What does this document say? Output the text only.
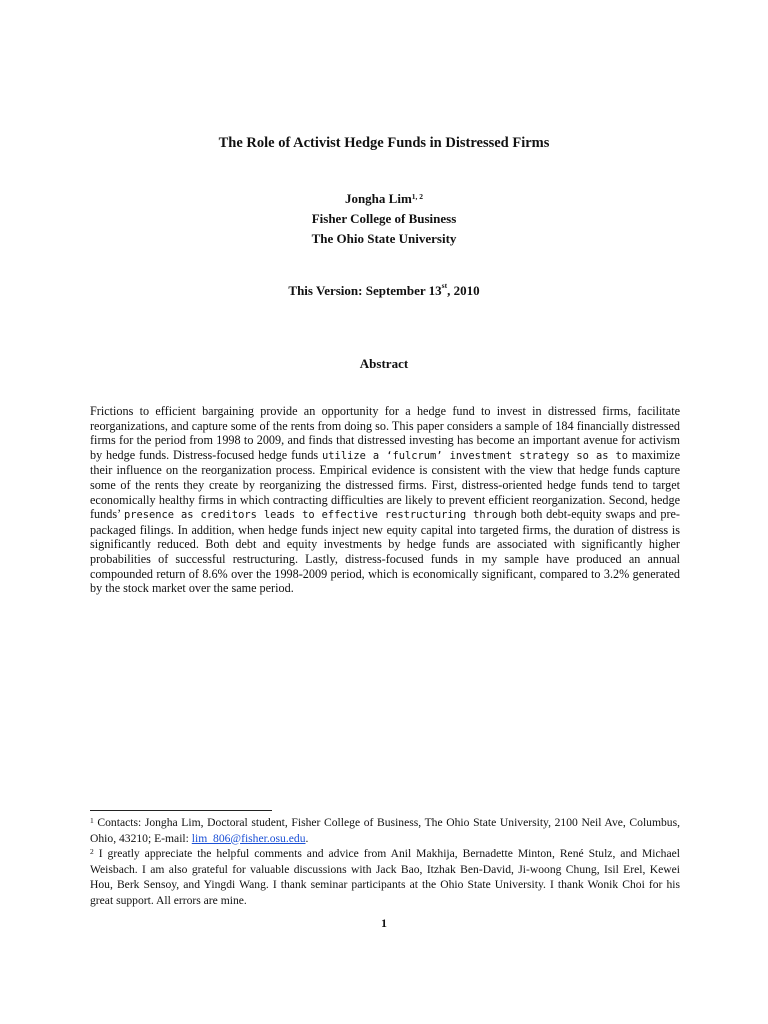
The Role of Activist Hedge Funds in Distressed Firms
Jongha Lim$^{1, 2}$
Fisher College of Business
The Ohio State University
This Version: September 13st, 2010
Abstract

Frictions to efficient bargaining provide an opportunity for a hedge fund to invest in distressed firms, facilitate reorganizations, and capture some of the rents from doing so. This paper considers a sample of 184 financially distressed firms for the period from 1998 to 2009, and finds that distressed investing has become an important avenue for activism by hedge funds. Distress-focused hedge funds utilize a ‘fulcrum’ investment strategy so as to maximize their influence on the reorganization process. Empirical evidence is consistent with the view that hedge funds capture some of the rents they create by reorganizing the distressed firms. First, distress-oriented hedge funds tend to target economically healthy firms in which contracting difficulties are likely to prevent efficient reorganization. Second, hedge funds’ presence as creditors leads to effective restructuring through both debt-equity swaps and pre-packaged filings. In addition, when hedge funds inject new equity capital into targeted firms, the duration of distress is significantly reduced. Both debt and equity investments by hedge funds are associated with significantly higher probabilities of successful restructuring. Lastly, distress-focused funds in my sample have produced an annual compounded return of 8.6% over the 1998-2009 period, which is economically significant, compared to 3.2% generated by the stock market over the same period.

$^1$ Contacts: Jongha Lim, Doctoral student, Fisher College of Business, The Ohio State University, 2100 Neil Ave, Columbus, Ohio, 43210; E-mail: lim_806@fisher.osu.edu.

$^2$ I greatly appreciate the helpful comments and advice from Anil Makhija, Bernadette Minton, René Stulz, and Michael Weisbach. I am also grateful for valuable discussions with Jack Bao, Itzhak Ben-David, Ji-woong Chung, Isil Erel, Kewei Hou, Berk Sensoy, and Yingdi Wang. I thank seminar participants at the Ohio State University. I thank Wonik Choi for his great support. All errors are mine.

1
